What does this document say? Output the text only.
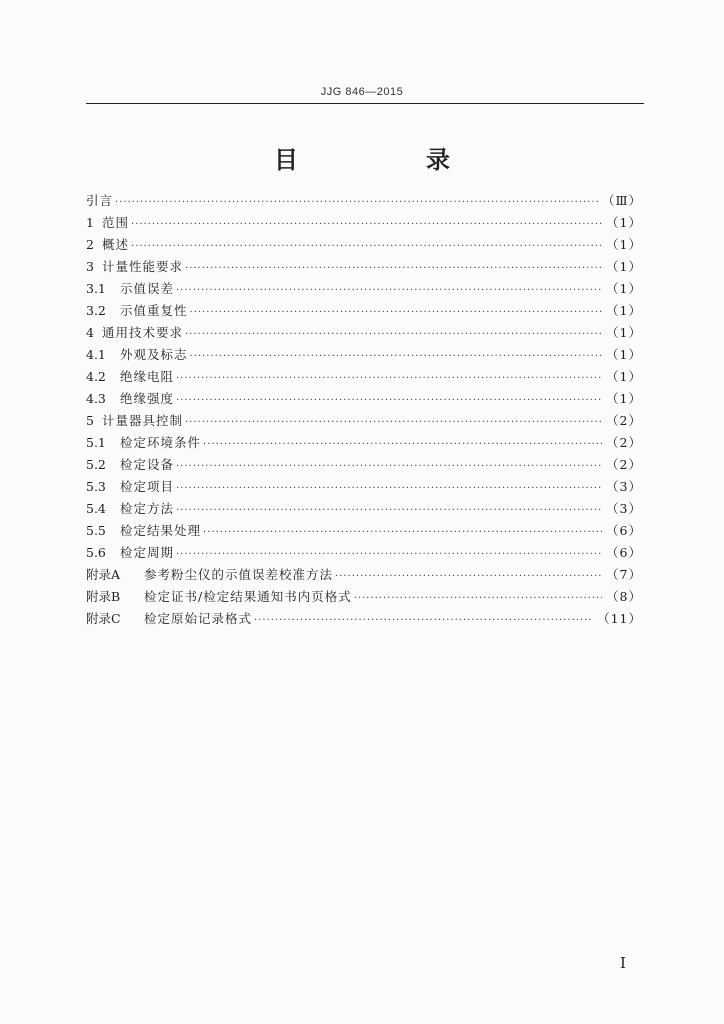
JJG 846—2015
目　录
引言 ·····	（Ⅲ）
1 范围 ·····	（1）
2 概述 ·····	（1）
3 计量性能要求 ·····	（1）
3.1	示值误差 ·····	（1）
3.2	示值重复性 ·····	（1）
4 通用技术要求 ·····	（1）
4.1	外观及标志 ·····	（1）
4.2	绝缘电阻 ·····	（1）
4.3	绝缘强度 ·····	（1）
5 计量器具控制 ·····	（2）
5.1	检定环境条件 ·····	（2）
5.2	检定设备 ·····	（2）
5.3	检定项目 ·····	（3）
5.4	检定方法 ·····	（3）
5.5	检定结果处理 ·····	（6）
5.6	检定周期 ·····	（6）
附录A	参考粉尘仪的示值误差校准方法 ·····	（7）
附录B	检定证书/检定结果通知书内页格式 ·····	（8）
附录C	检定原始记录格式 ·····	（11）
I
